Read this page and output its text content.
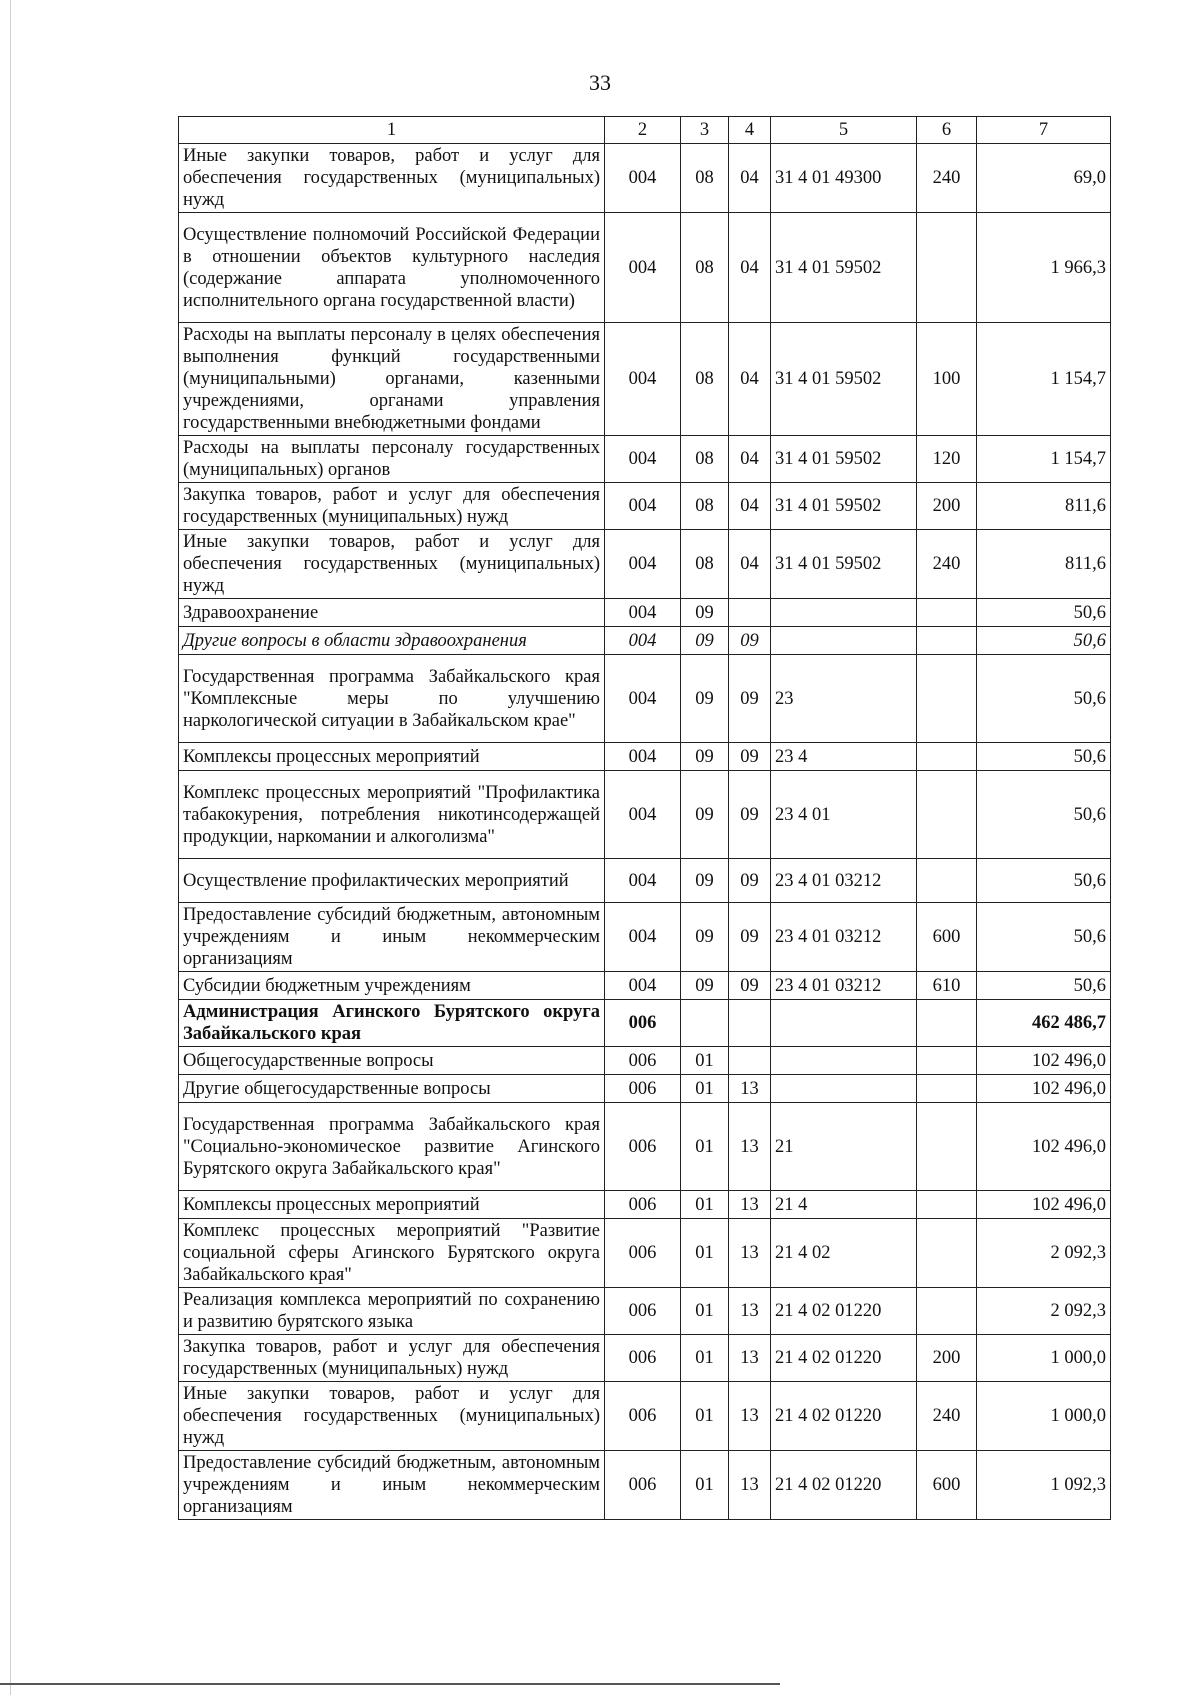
33
1	2	3	4	5	6	7
Иные закупки товаров, работ и услуг для обеспечения государственных (муниципальных) нужд	004	08	04	31 4 01 49300	240	69,0
Осуществление полномочий Российской Федерации в отношении объектов культурного наследия (содержание аппарата уполномоченного исполнительного органа государственной власти)	004	08	04	31 4 01 59502		1 966,3
Расходы на выплаты персоналу в целях обеспечения выполнения функций государственными (муниципальными) органами, казенными учреждениями, органами управления государственными внебюджетными фондами	004	08	04	31 4 01 59502	100	1 154,7
Расходы на выплаты персоналу государственных (муниципальных) органов	004	08	04	31 4 01 59502	120	1 154,7
Закупка товаров, работ и услуг для обеспечения государственных (муниципальных) нужд	004	08	04	31 4 01 59502	200	811,6
Иные закупки товаров, работ и услуг для обеспечения государственных (муниципальных) нужд	004	08	04	31 4 01 59502	240	811,6
Здравоохранение	004	09				50,6
Другие вопросы в области здравоохранения	004	09	09			50,6
Государственная программа Забайкальского края "Комплексные меры по улучшению наркологической ситуации в Забайкальском крае"	004	09	09	23		50,6
Комплексы процессных мероприятий	004	09	09	23 4		50,6
Комплекс процессных мероприятий "Профилактика табакокурения, потребления никотинсодержащей продукции, наркомании и алкоголизма"	004	09	09	23 4 01		50,6
Осуществление профилактических мероприятий	004	09	09	23 4 01 03212		50,6
Предоставление субсидий бюджетным, автономным учреждениям и иным некоммерческим организациям	004	09	09	23 4 01 03212	600	50,6
Субсидии бюджетным учреждениям	004	09	09	23 4 01 03212	610	50,6
Администрация Агинского Бурятского округа Забайкальского края	006					462 486,7
Общегосударственные вопросы	006	01				102 496,0
Другие общегосударственные вопросы	006	01	13			102 496,0
Государственная программа Забайкальского края "Социально-экономическое развитие Агинского Бурятского округа Забайкальского края"	006	01	13	21		102 496,0
Комплексы процессных мероприятий	006	01	13	21 4		102 496,0
Комплекс процессных мероприятий "Развитие социальной сферы Агинского Бурятского округа Забайкальского края"	006	01	13	21 4 02		2 092,3
Реализация комплекса мероприятий по сохранению и развитию бурятского языка	006	01	13	21 4 02 01220		2 092,3
Закупка товаров, работ и услуг для обеспечения государственных (муниципальных) нужд	006	01	13	21 4 02 01220	200	1 000,0
Иные закупки товаров, работ и услуг для обеспечения государственных (муниципальных) нужд	006	01	13	21 4 02 01220	240	1 000,0
Предоставление субсидий бюджетным, автономным учреждениям и иным некоммерческим организациям	006	01	13	21 4 02 01220	600	1 092,3
